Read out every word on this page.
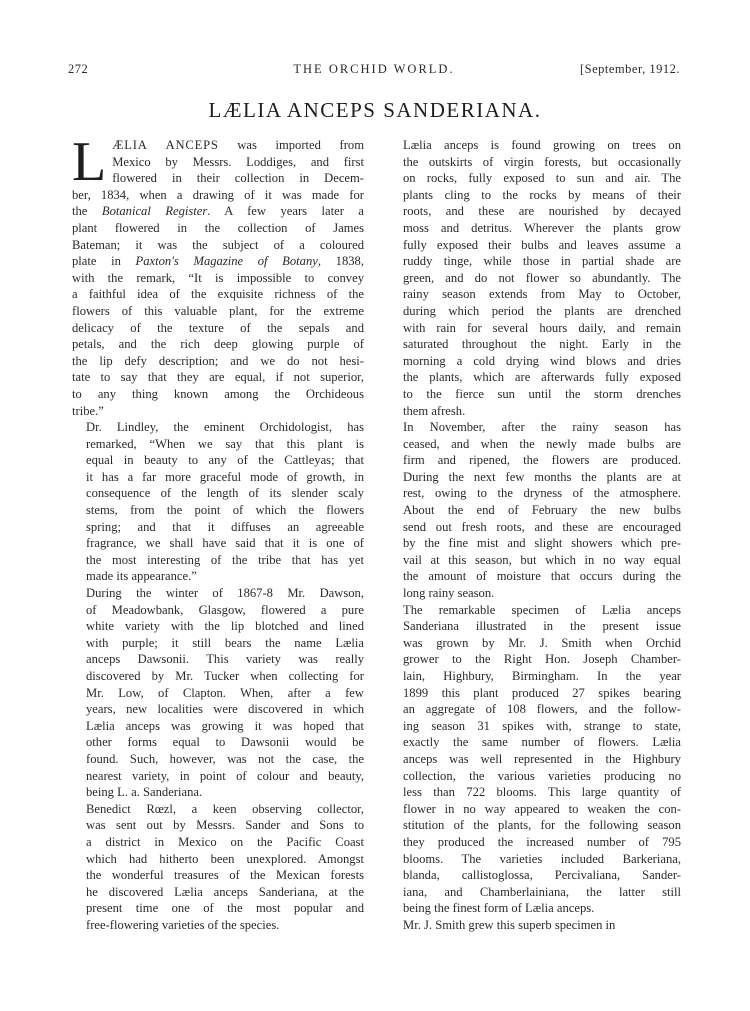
272	THE ORCHID WORLD.	[September, 1912.
LÆLIA ANCEPS SANDERIANA.

L ÆLIA ANCEPS was imported from
Mexico by Messrs. Loddiges, and first
flowered in their collection in Decem-
ber, 1834, when a drawing of it was made for
the Botanical Register. A few years later a
plant flowered in the collection of James
Bateman; it was the subject of a coloured
plate in Paxton's Magazine of Botany, 1838,
with the remark, “It is impossible to convey
a faithful idea of the exquisite richness of the
flowers of this valuable plant, for the extreme
delicacy of the texture of the sepals and
petals, and the rich deep glowing purple of
the lip defy description; and we do not hesi-
tate to say that they are equal, if not superior,
to any thing known among the Orchideous
tribe.”

Dr. Lindley, the eminent Orchidologist, has
remarked, “When we say that this plant is
equal in beauty to any of the Cattleyas; that
it has a far more graceful mode of growth, in
consequence of the length of its slender scaly
stems, from the point of which the flowers
spring; and that it diffuses an agreeable
fragrance, we shall have said that it is one of
the most interesting of the tribe that has yet
made its appearance.”

During the winter of 1867-8 Mr. Dawson,
of Meadowbank, Glasgow, flowered a pure
white variety with the lip blotched and lined
with purple; it still bears the name Lælia
anceps Dawsonii. This variety was really
discovered by Mr. Tucker when collecting for
Mr. Low, of Clapton. When, after a few
years, new localities were discovered in which
Lælia anceps was growing it was hoped that
other forms equal to Dawsonii would be
found. Such, however, was not the case, the
nearest variety, in point of colour and beauty,
being L. a. Sanderiana.

Benedict Rœzl, a keen observing collector,
was sent out by Messrs. Sander and Sons to
a district in Mexico on the Pacific Coast
which had hitherto been unexplored. Amongst
the wonderful treasures of the Mexican forests
he discovered Lælia anceps Sanderiana, at the
present time one of the most popular and
free-flowering varieties of the species.

Lælia anceps is found growing on trees on
the outskirts of virgin forests, but occasionally
on rocks, fully exposed to sun and air. The
plants cling to the rocks by means of their
roots, and these are nourished by decayed
moss and detritus. Wherever the plants grow
fully exposed their bulbs and leaves assume a
ruddy tinge, while those in partial shade are
green, and do not flower so abundantly. The
rainy season extends from May to October,
during which period the plants are drenched
with rain for several hours daily, and remain
saturated throughout the night. Early in the
morning a cold drying wind blows and dries
the plants, which are afterwards fully exposed
to the fierce sun until the storm drenches
them afresh.

In November, after the rainy season has
ceased, and when the newly made bulbs are
firm and ripened, the flowers are produced.
During the next few months the plants are at
rest, owing to the dryness of the atmosphere.
About the end of February the new bulbs
send out fresh roots, and these are encouraged
by the fine mist and slight showers which pre-
vail at this season, but which in no way equal
the amount of moisture that occurs during the
long rainy season.

The remarkable specimen of Lælia anceps
Sanderiana illustrated in the present issue
was grown by Mr. J. Smith when Orchid
grower to the Right Hon. Joseph Chamber-
lain, Highbury, Birmingham. In the year
1899 this plant produced 27 spikes bearing
an aggregate of 108 flowers, and the follow-
ing season 31 spikes with, strange to state,
exactly the same number of flowers. Lælia
anceps was well represented in the Highbury
collection, the various varieties producing no
less than 722 blooms. This large quantity of
flower in no way appeared to weaken the con-
stitution of the plants, for the following season
they produced the increased number of 795
blooms. The varieties included Barkeriana,
blanda, callistoglossa, Percivaliana, Sander-
iana, and Chamberlainiana, the latter still
being the finest form of Lælia anceps.

Mr. J. Smith grew this superb specimen in
